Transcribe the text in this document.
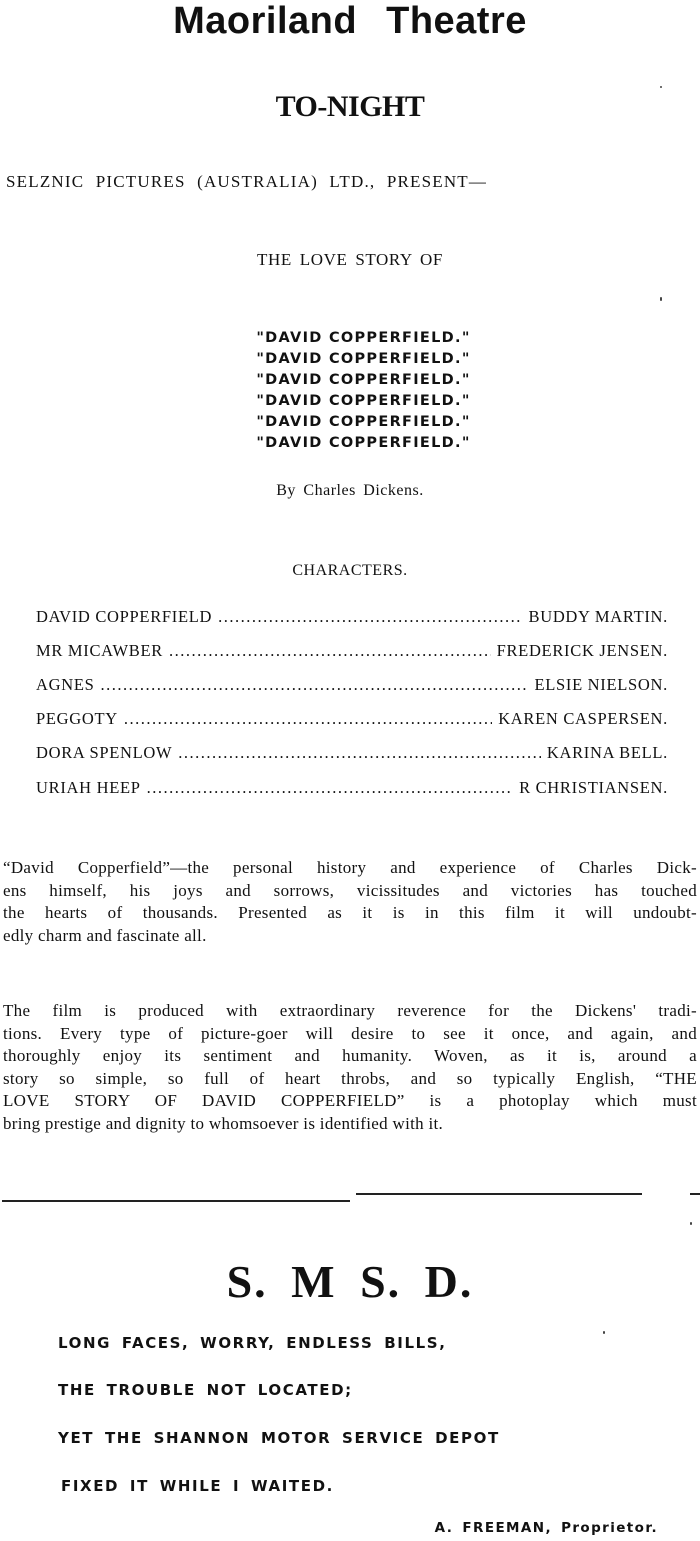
Maoriland Theatre
TO-NIGHT
SELZNIC PICTURES (AUSTRALIA) LTD., PRESENT—
THE LOVE STORY OF
"DAVID COPPERFIELD."
"DAVID COPPERFIELD."
"DAVID COPPERFIELD."
"DAVID COPPERFIELD."
"DAVID COPPERFIELD."
"DAVID COPPERFIELD."
By Charles Dickens.
CHARACTERS.
DAVID COPPERFIELD .....	BUDDY MARTIN.
MR MICAWBER .....	FREDERICK JENSEN.
AGNES .....	ELSIE NIELSON.
PEGGOTY .....	KAREN CASPERSEN.
DORA SPENLOW .....	KARINA BELL.
URIAH HEEP .....	R CHRISTIANSEN.
“David Copperfield”—the personal history and experience of Charles Dick-
ens himself, his joys and sorrows, vicissitudes and victories has touched
the hearts of thousands. Presented as it is in this film it will undoubt-
edly charm and fascinate all.
The film is produced with extraordinary reverence for the Dickens' tradi-
tions. Every type of picture-goer will desire to see it once, and again, and
thoroughly enjoy its sentiment and humanity. Woven, as it is, around a
story so simple, so full of heart throbs, and so typically English, “THE
LOVE STORY OF DAVID COPPERFIELD” is a photoplay which must
bring prestige and dignity to whomsoever is identified with it.
S. M S. D.
LONG FACES, WORRY, ENDLESS BILLS,
THE TROUBLE NOT LOCATED;
YET THE SHANNON MOTOR SERVICE DEPOT
FIXED IT WHILE I WAITED.
A. FREEMAN, Proprietor.
